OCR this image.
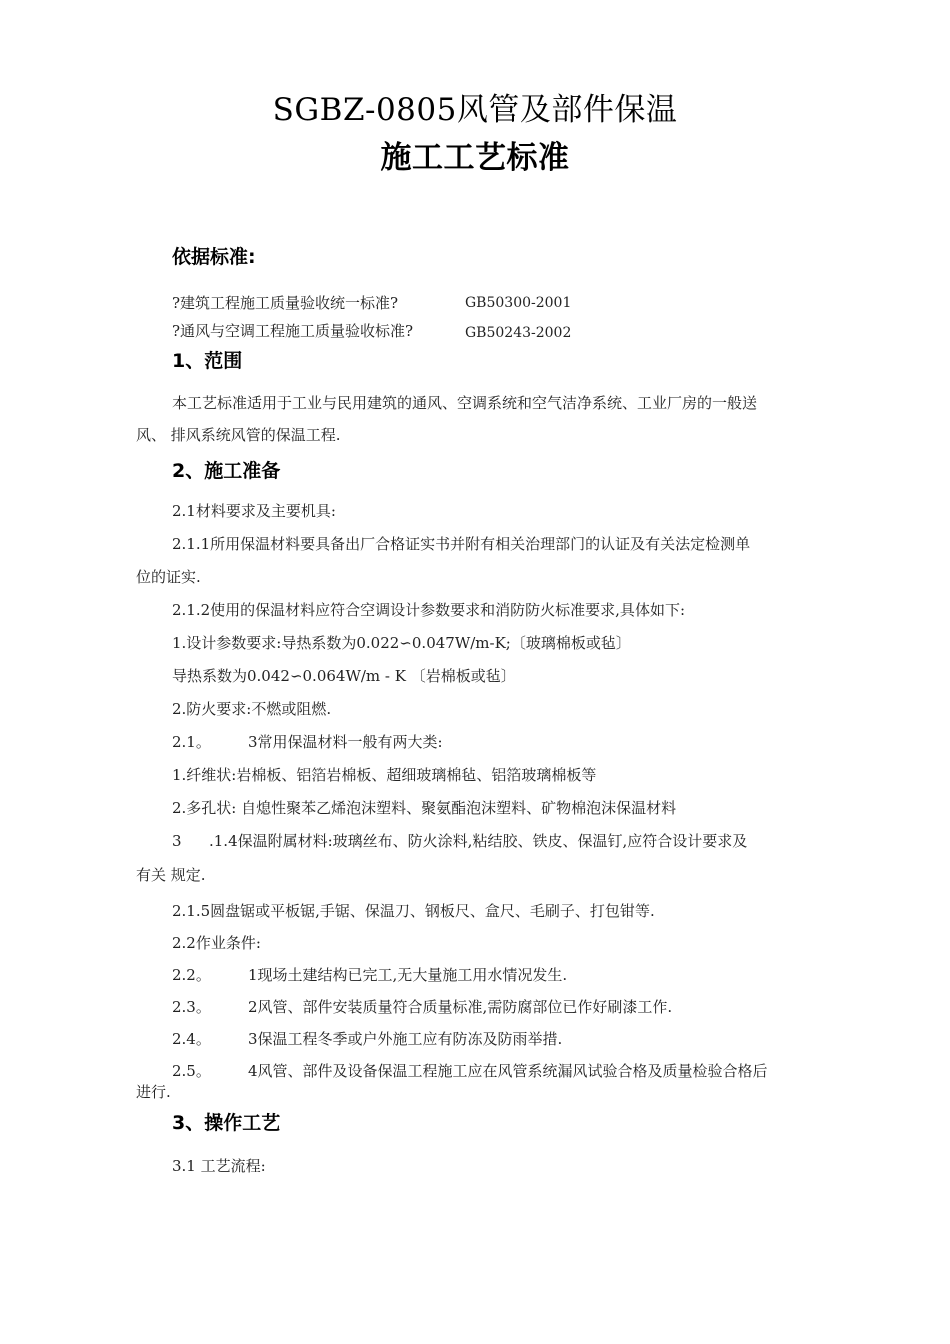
SGBZ-0805风管及部件保温
施工工艺标准
依据标准:
?建筑工程施工质量验收统一标准?	GB50300-2001
?通风与空调工程施工质量验收标准?	GB50243-2002
1、范围
本工艺标准适用于工业与民用建筑的通风、空调系统和空气洁净系统、工业厂房的一般送
风、 排风系统风管的保温工程.
2、施工准备
2.1材料要求及主要机具:
2.1.1所用保温材料要具备出厂合格证实书并附有相关治理部门的认证及有关法定检测单
位的证实.
2.1.2使用的保温材料应符合空调设计参数要求和消防防火标准要求,具体如下:
1.设计参数要求:导热系数为0.022∽0.047W/m-K;〔玻璃棉板或毡〕
导热系数为0.042∽0.064W/m - K 〔岩棉板或毡〕
2.防火要求:不燃或阻燃.
2.1。 3常用保温材料一般有两大类:
1.纤维状:岩棉板、铝箔岩棉板、超细玻璃棉毡、铝箔玻璃棉板等
2.多孔状: 自熄性聚苯乙烯泡沫塑料、聚氨酯泡沫塑料、矿物棉泡沫保温材料
3 .1.4保温附属材料:玻璃丝布、防火涂料,粘结胶、铁皮、保温钉,应符合设计要求及
有关 规定.
2.1.5圆盘锯或平板锯,手锯、保温刀、钢板尺、盒尺、毛刷子、打包钳等.
2.2作业条件:
2.2。 1现场土建结构已完工,无大量施工用水情况发生.
2.3。 2风管、部件安装质量符合质量标准,需防腐部位已作好刷漆工作.
2.4。 3保温工程冬季或户外施工应有防冻及防雨举措.
2.5。 4风管、部件及设备保温工程施工应在风管系统漏风试验合格及质量检验合格后
进行.
3、操作工艺
3.1 工艺流程:
